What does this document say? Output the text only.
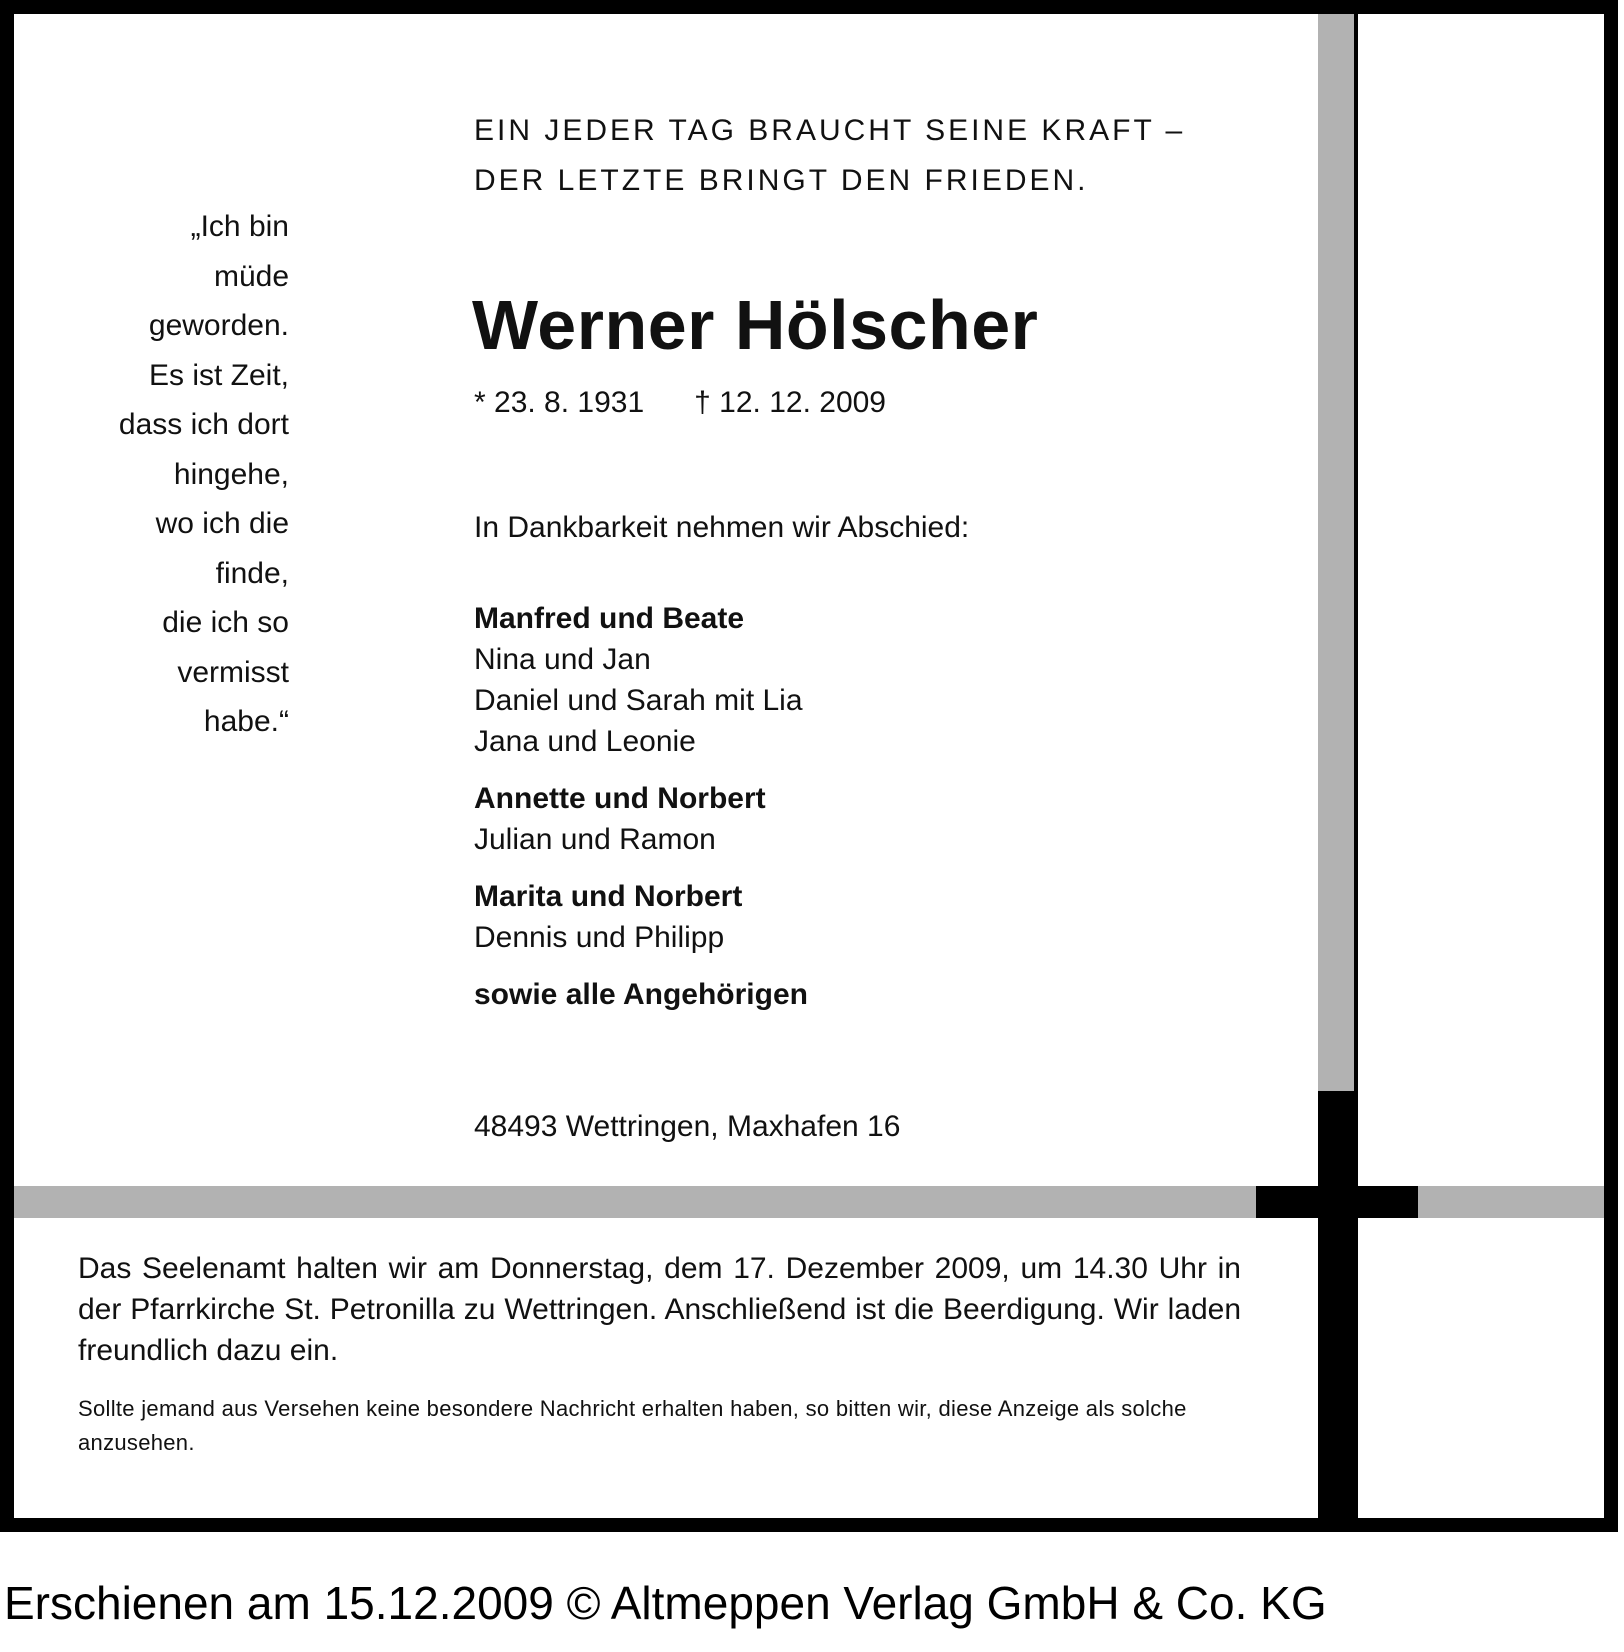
EIN JEDER TAG BRAUCHT SEINE KRAFT –
DER LETZTE BRINGT DEN FRIEDEN.

„Ich bin
müde
geworden.
Es ist Zeit,
dass ich dort
hingehe,
wo ich die
finde,
die ich so
vermisst
habe.“

Werner Hölscher

* 23. 8. 1931 † 12. 12. 2009

In Dankbarkeit nehmen wir Abschied:

Manfred und Beate
Nina und Jan
Daniel und Sarah mit Lia
Jana und Leonie
Annette und Norbert
Julian und Ramon
Marita und Norbert
Dennis und Philipp
sowie alle Angehörigen

48493 Wettringen, Maxhafen 16

Das Seelenamt halten wir am Donnerstag, dem 17. Dezember 2009, um 14.30 Uhr in der Pfarrkirche St. Petronilla zu Wettringen. Anschließend ist die Beerdigung. Wir laden freundlich dazu ein.

Sollte jemand aus Versehen keine besondere Nachricht erhalten haben, so bitten wir, diese Anzeige als solche anzusehen.

Erschienen am 15.12.2009 © Altmeppen Verlag GmbH & Co. KG
